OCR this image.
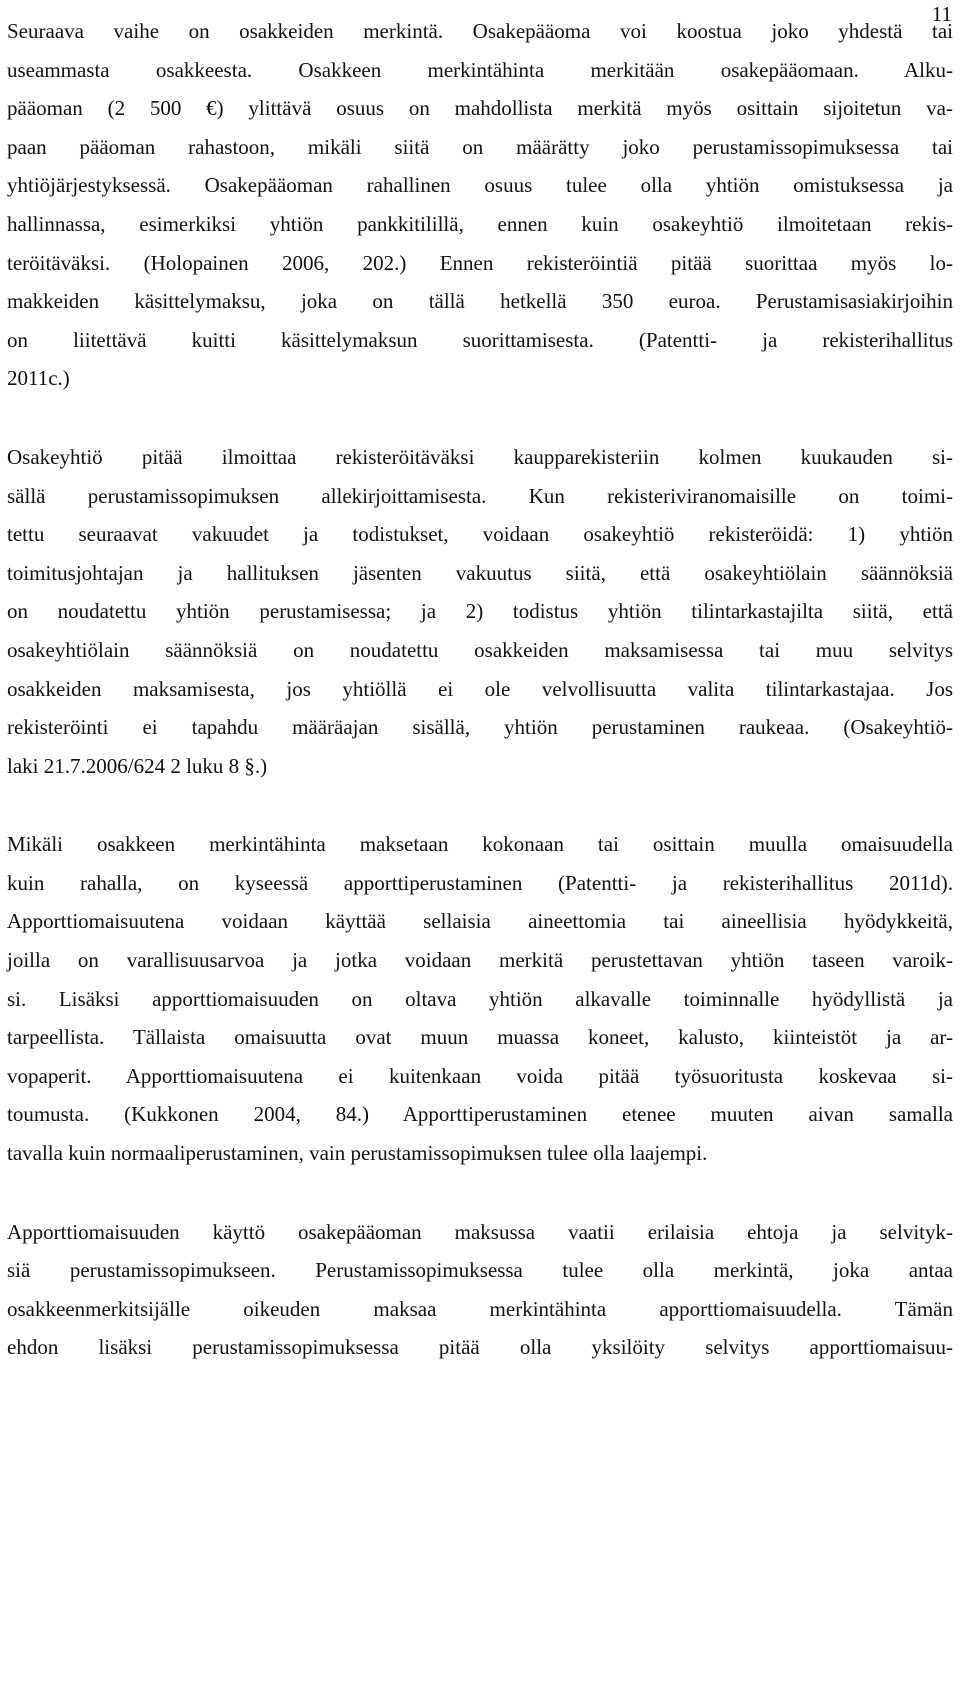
11
Seuraava vaihe on osakkeiden merkintä. Osakepääoma voi koostua joko yhdestä tai
useammasta osakkeesta. Osakkeen merkintähinta merkitään osakepääomaan. Alku-
pääoman (2 500 €) ylittävä osuus on mahdollista merkitä myös osittain sijoitetun va-
paan pääoman rahastoon, mikäli siitä on määrätty joko perustamissopimuksessa tai
yhtiöjärjestyksessä. Osakepääoman rahallinen osuus tulee olla yhtiön omistuksessa ja
hallinnassa, esimerkiksi yhtiön pankkitilillä, ennen kuin osakeyhtiö ilmoitetaan rekis-
teröitäväksi. (Holopainen 2006, 202.) Ennen rekisteröintiä pitää suorittaa myös lo-
makkeiden käsittelymaksu, joka on tällä hetkellä 350 euroa. Perustamisasiakirjoihin
on liitettävä kuitti käsittelymaksun suorittamisesta. (Patentti- ja rekisterihallitus
2011c.)
Osakeyhtiö pitää ilmoittaa rekisteröitäväksi kaupparekisteriin kolmen kuukauden si-
sällä perustamissopimuksen allekirjoittamisesta. Kun rekisteriviranomaisille on toimi-
tettu seuraavat vakuudet ja todistukset, voidaan osakeyhtiö rekisteröidä: 1) yhtiön
toimitusjohtajan ja hallituksen jäsenten vakuutus siitä, että osakeyhtiölain säännöksiä
on noudatettu yhtiön perustamisessa; ja 2) todistus yhtiön tilintarkastajilta siitä, että
osakeyhtiölain säännöksiä on noudatettu osakkeiden maksamisessa tai muu selvitys
osakkeiden maksamisesta, jos yhtiöllä ei ole velvollisuutta valita tilintarkastajaa. Jos
rekisteröinti ei tapahdu määräajan sisällä, yhtiön perustaminen raukeaa. (Osakeyhtiö-
laki 21.7.2006/624 2 luku 8 §.)
Mikäli osakkeen merkintähinta maksetaan kokonaan tai osittain muulla omaisuudella
kuin rahalla, on kyseessä apporttiperustaminen (Patentti- ja rekisterihallitus 2011d).
Apporttiomaisuutena voidaan käyttää sellaisia aineettomia tai aineellisia hyödykkeitä,
joilla on varallisuusarvoa ja jotka voidaan merkitä perustettavan yhtiön taseen varoik-
si. Lisäksi apporttiomaisuuden on oltava yhtiön alkavalle toiminnalle hyödyllistä ja
tarpeellista. Tällaista omaisuutta ovat muun muassa koneet, kalusto, kiinteistöt ja ar-
vopaperit. Apporttiomaisuutena ei kuitenkaan voida pitää työsuoritusta koskevaa si-
toumusta. (Kukkonen 2004, 84.) Apporttiperustaminen etenee muuten aivan samalla
tavalla kuin normaaliperustaminen, vain perustamissopimuksen tulee olla laajempi.
Apporttiomaisuuden käyttö osakepääoman maksussa vaatii erilaisia ehtoja ja selvityk-
siä perustamissopimukseen. Perustamissopimuksessa tulee olla merkintä, joka antaa
osakkeenmerkitsijälle oikeuden maksaa merkintähinta apporttiomaisuudella. Tämän
ehdon lisäksi perustamissopimuksessa pitää olla yksilöity selvitys apporttiomaisuu-
